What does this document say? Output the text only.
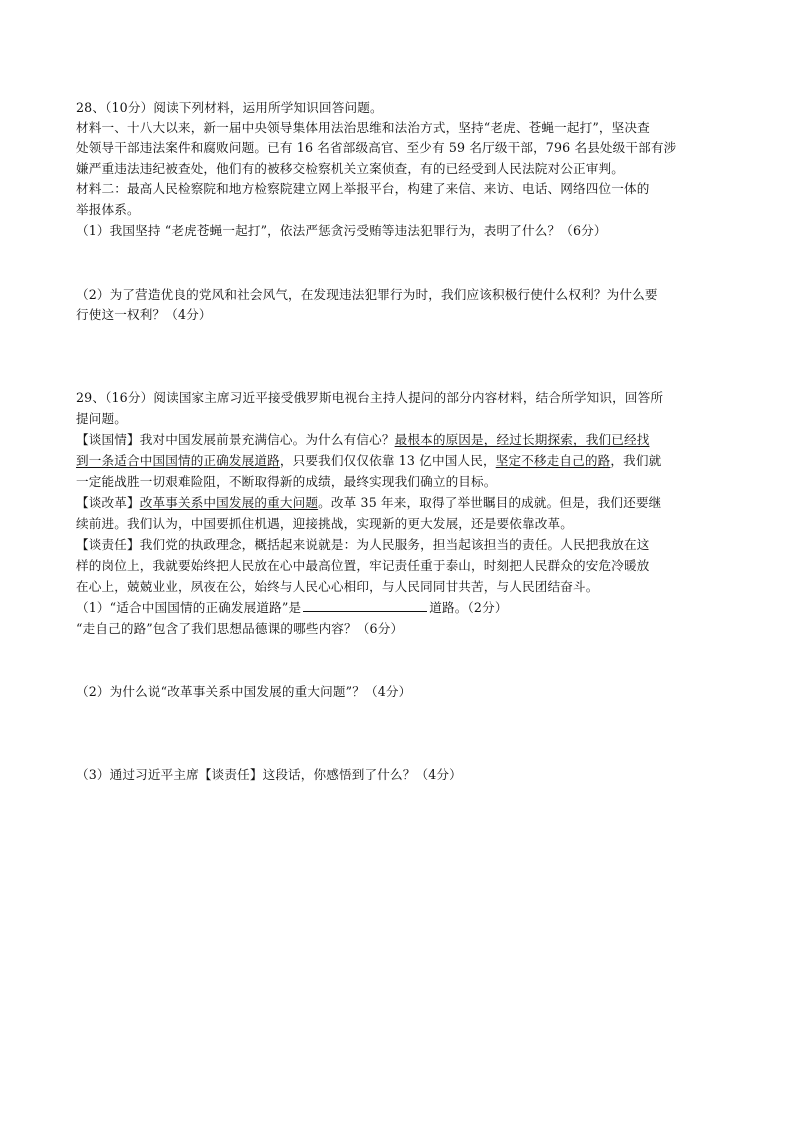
28、（10分）阅读下列材料，运用所学知识回答问题。
材料一、十八大以来，新一届中央领导集体用法治思维和法治方式，坚持“老虎、苍蝇一起打”，坚决查
处领导干部违法案件和腐败问题。已有 16 名省部级高官、至少有 59 名厅级干部，796 名县处级干部有涉
嫌严重违法违纪被查处，他们有的被移交检察机关立案侦查，有的已经受到人民法院对公正审判。
材料二：最高人民检察院和地方检察院建立网上举报平台，构建了来信、来访、电话、网络四位一体的
举报体系。
（1）我国坚持 “老虎苍蝇一起打”，依法严惩贪污受贿等违法犯罪行为，表明了什么？（6分）
（2）为了营造优良的党风和社会风气，在发现违法犯罪行为时，我们应该积极行使什么权利？为什么要
行使这一权利？（4分）
29、（16分）阅读国家主席习近平接受俄罗斯电视台主持人提问的部分内容材料，结合所学知识，回答所
提问题。
【谈国情】我对中国发展前景充满信心。为什么有信心？最根本的原因是，经过长期探索，我们已经找
到一条适合中国国情的正确发展道路，只要我们仅仅依靠 13 亿中国人民，坚定不移走自己的路，我们就
一定能战胜一切艰难险阻，不断取得新的成绩，最终实现我们确立的目标。
【谈改革】改革事关系中国发展的重大问题。改革 35 年来，取得了举世瞩目的成就。但是，我们还要继
续前进。我们认为，中国要抓住机遇，迎接挑战，实现新的更大发展，还是要依靠改革。
【谈责任】我们党的执政理念，概括起来说就是：为人民服务，担当起该担当的责任。人民把我放在这
样的岗位上，我就要始终把人民放在心中最高位置，牢记责任重于泰山，时刻把人民群众的安危冷暖放
在心上，兢兢业业，夙夜在公，始终与人民心心相印，与人民同同甘共苦，与人民团结奋斗。
（1）“适合中国国情的正确发展道路”是	道路。（2分）
“走自己的路”包含了我们思想品德课的哪些内容？（6分）
（2）为什么说“改革事关系中国发展的重大问题”？（4分）
（3）通过习近平主席【谈责任】这段话，你感悟到了什么？（4分）
